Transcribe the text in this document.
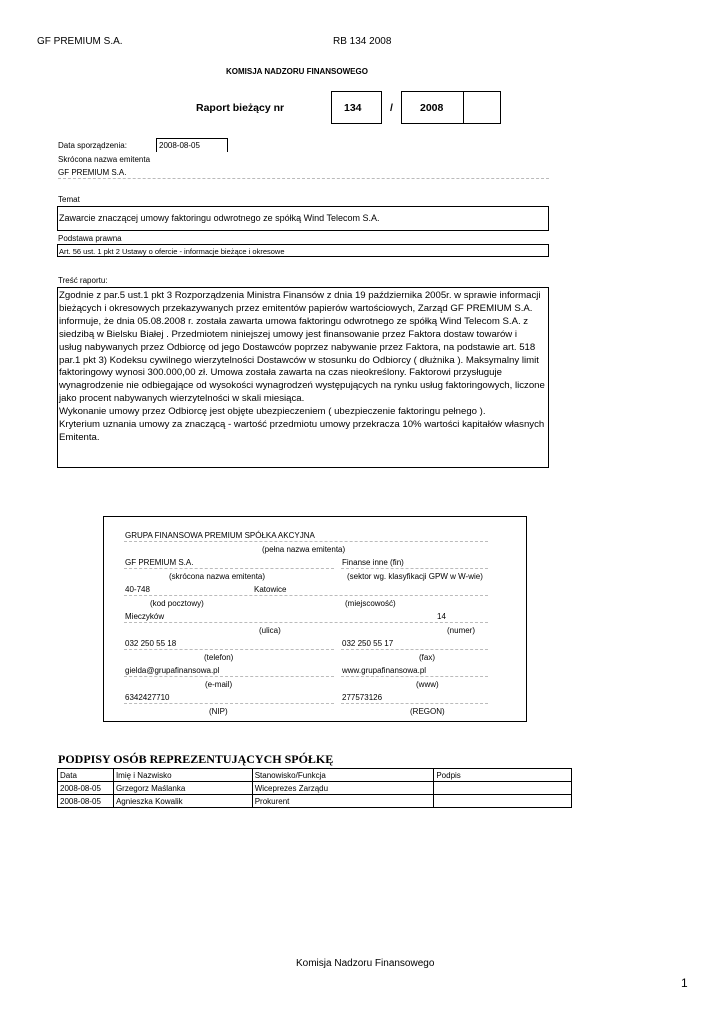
GF PREMIUM S.A.	RB 134 2008
KOMISJA NADZORU FINANSOWEGO
Raport bieżący nr	134	/	2008
Data sporządzenia:	2008-08-05
Skrócona nazwa emitenta
GF PREMIUM S.A.
Temat
Zawarcie znaczącej umowy faktoringu odwrotnego ze spółką Wind Telecom S.A.
Podstawa prawna
Art. 56 ust. 1 pkt 2 Ustawy o ofercie - informacje bieżące i okresowe
Treść raportu:
Zgodnie z par.5 ust.1 pkt 3 Rozporządzenia Ministra Finansów z dnia 19 października 2005r. w sprawie informacji
bieżących i okresowych przekazywanych przez emitentów papierów wartościowych, Zarząd GF PREMIUM S.A.
informuje, że dnia 05.08.2008 r. została zawarta umowa faktoringu odwrotnego ze spółką Wind Telecom S.A. z
siedzibą w Bielsku Białej . Przedmiotem niniejszej umowy jest finansowanie przez Faktora dostaw towarów i
usług nabywanych przez Odbiorcę od jego Dostawców poprzez nabywanie przez Faktora, na podstawie art. 518
par.1 pkt 3) Kodeksu cywilnego wierzytelności Dostawców w stosunku do Odbiorcy ( dłużnika ). Maksymalny limit
faktoringowy wynosi 300.000,00 zł. Umowa została zawarta na czas nieokreślony. Faktorowi przysługuje
wynagrodzenie nie odbiegające od wysokości wynagrodzeń występujących na rynku usług faktoringowych, liczone
jako procent nabywanych wierzytelności w skali miesiąca.
Wykonanie umowy przez Odbiorcę jest objęte ubezpieczeniem ( ubezpieczenie faktoringu pełnego ).
Kryterium uznania umowy za znaczącą - wartość przedmiotu umowy przekracza 10% wartości kapitałów własnych
Emitenta.
GRUPA FINANSOWA PREMIUM SPÓŁKA AKCYJNA
(pełna nazwa emitenta)
GF PREMIUM S.A.	Finanse inne (fin)
(skrócona nazwa emitenta)	(sektor wg. klasyfikacji GPW w W-wie)
40-748	Katowice
(kod pocztowy)	(miejscowość)
Mieczyków	14
(ulica)	(numer)
032 250 55 18	032 250 55 17
(telefon)	(fax)
gielda@grupafinansowa.pl	www.grupafinansowa.pl
(e-mail)	(www)
6342427710	277573126
(NIP)	(REGON)
PODPISY OSÓB REPREZENTUJĄCYCH SPÓŁKĘ
Data	Imię i Nazwisko	Stanowisko/Funkcja	Podpis
2008-08-05	Grzegorz Maślanka	Wiceprezes Zarządu	
2008-08-05	Agnieszka Kowalik	Prokurent	
Komisja Nadzoru Finansowego
1
